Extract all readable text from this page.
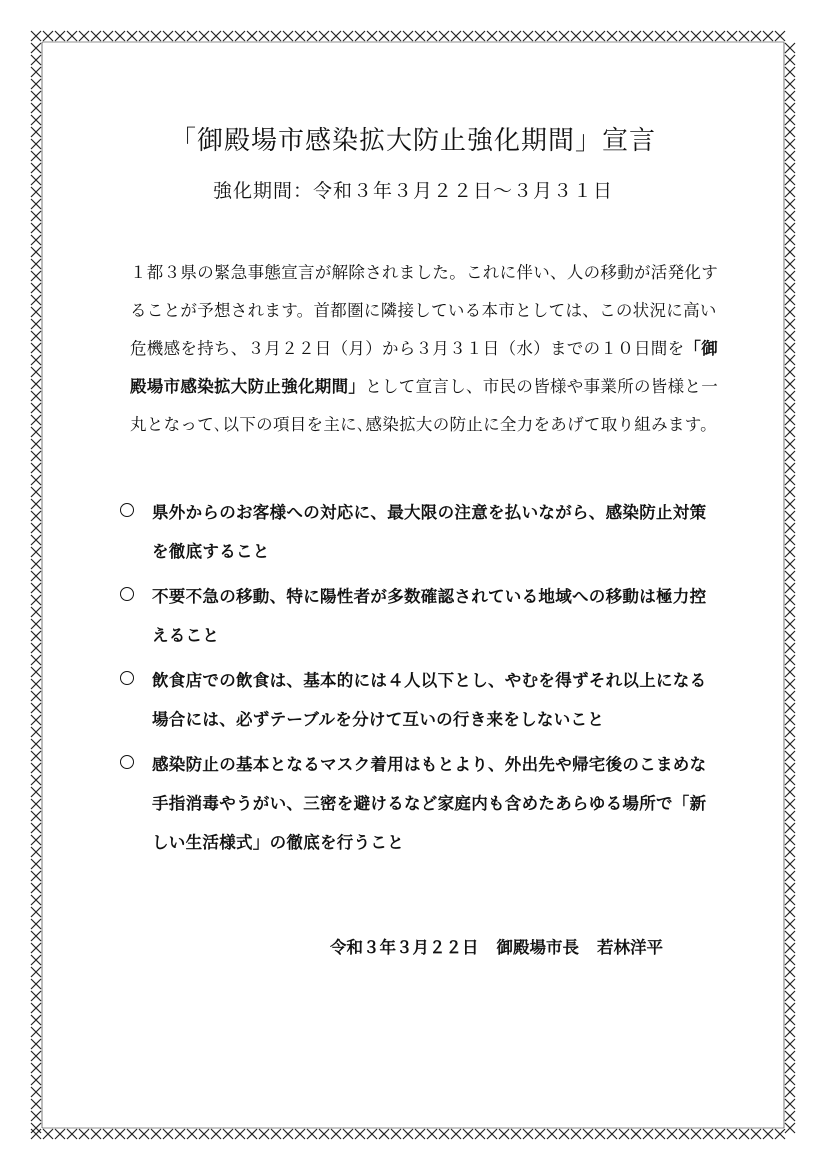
「御殿場市感染拡大防止強化期間」宣言
強化期間：令和３年３月２２日～３月３１日
１都３県の緊急事態宣言が解除されました。これに伴い、人の移動が活発化することが予想されます。首都圏に隣接している本市としては、この状況に高い危機感を持ち、３月２２日（月）から３月３１日（水）までの１０日間を「御殿場市感染拡大防止強化期間」として宣言し、市民の皆様や事業所の皆様と一丸となって､以下の項目を主に､感染拡大の防止に全力をあげて取り組みます。
県外からのお客様への対応に、最大限の注意を払いながら、感染防止対策を徹底すること
不要不急の移動、特に陽性者が多数確認されている地域への移動は極力控えること
飲食店での飲食は、基本的には４人以下とし、やむを得ずそれ以上になる場合には、必ずテーブルを分けて互いの行き来をしないこと
感染防止の基本となるマスク着用はもとより、外出先や帰宅後のこまめな手指消毒やうがい、三密を避けるなど家庭内も含めたあらゆる場所で「新しい生活様式」の徹底を行うこと
令和３年３月２２日 御殿場市長 若林洋平
